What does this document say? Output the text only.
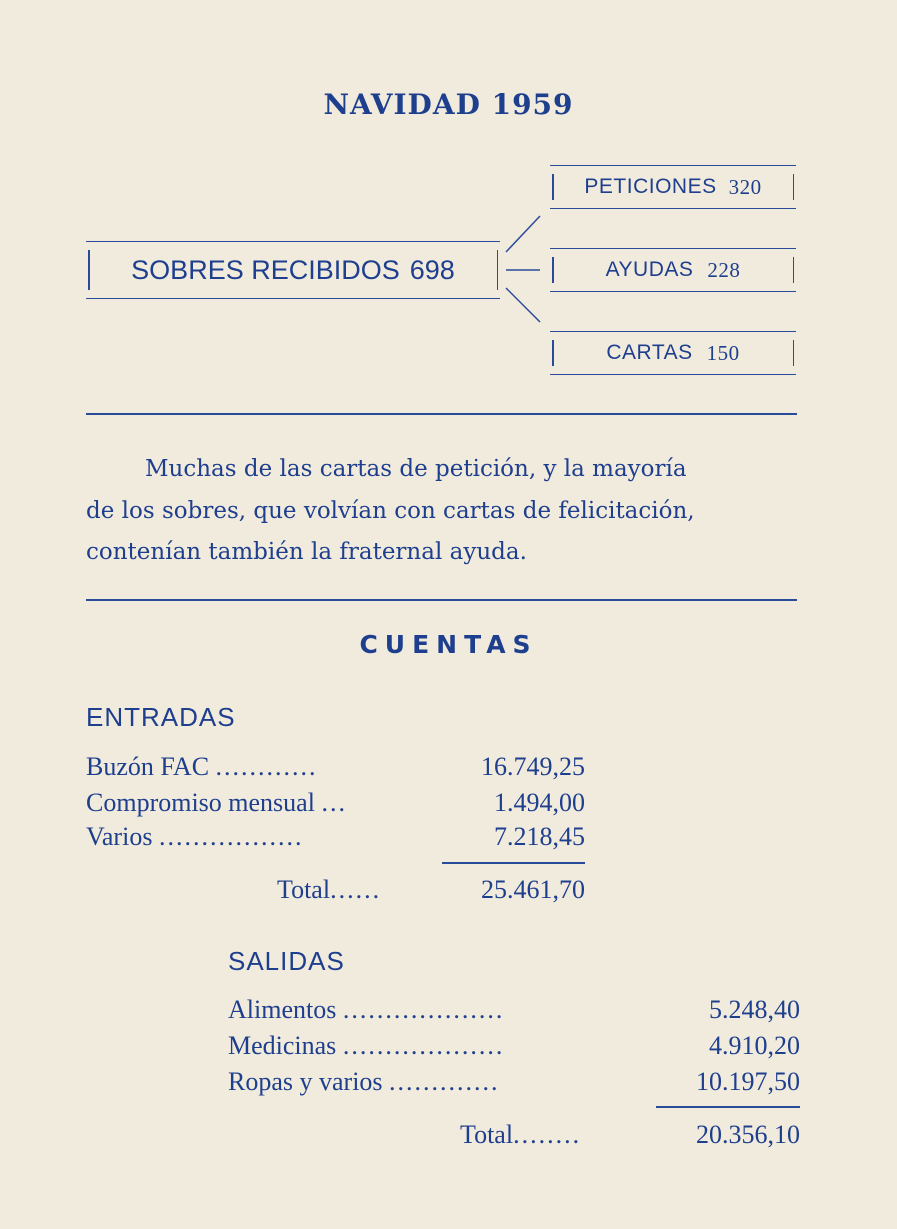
NAVIDAD 1959
SOBRES RECIBIDOS 698
PETICIONES 320
AYUDAS 228
CARTAS 150
Muchas de las cartas de petición, y la mayoría
de los sobres, que volvían con cartas de felicitación,
contenían también la fraternal ayuda.
CUENTAS
ENTRADAS
Buzón FAC ............	16.749,25
Compromiso mensual ...	1.494,00
Varios .................	7.218,45
Total......	25.461,70
SALIDAS
Alimentos ...................	5.248,40
Medicinas ...................	4.910,20
Ropas y varios .............	10.197,50
Total........	20.356,10
